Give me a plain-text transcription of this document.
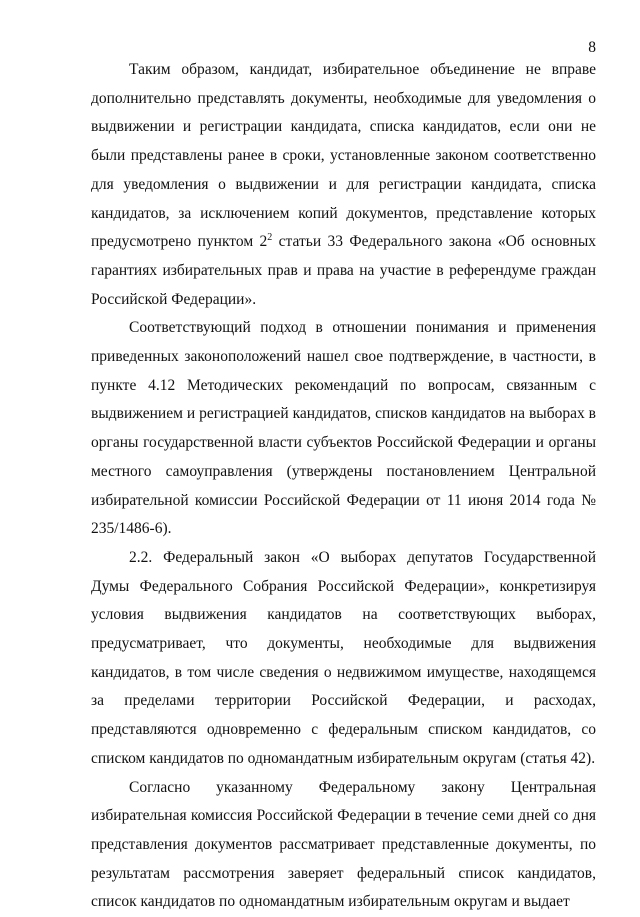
8

Таким образом, кандидат, избирательное объединение не вправе дополнительно представлять документы, необходимые для уведомления о выдвижении и регистрации кандидата, списка кандидатов, если они не были представлены ранее в сроки, установленные законом соответственно для уведомления о выдвижении и для регистрации кандидата, списка кандидатов, за исключением копий документов, представление которых предусмотрено пунктом $2^2$ статьи 33 Федерального закона «Об основных гарантиях избирательных прав и права на участие в референдуме граждан Российской Федерации».

Соответствующий подход в отношении понимания и применения приведенных законоположений нашел свое подтверждение, в частности, в пункте 4.12 Методических рекомендаций по вопросам, связанным с выдвижением и регистрацией кандидатов, списков кандидатов на выборах в органы государственной власти субъектов Российской Федерации и органы местного самоуправления (утверждены постановлением Центральной избирательной комиссии Российской Федерации от 11 июня 2014 года № 235/1486-6).

2.2. Федеральный закон «О выборах депутатов Государственной Думы Федерального Собрания Российской Федерации», конкретизируя условия выдвижения кандидатов на соответствующих выборах, предусматривает, что документы, необходимые для выдвижения кандидатов, в том числе сведения о недвижимом имуществе, находящемся за пределами территории Российской Федерации, и расходах, представляются одновременно с федеральным списком кандидатов, со списком кандидатов по одномандатным избирательным округам (статья 42).

Согласно указанному Федеральному закону Центральная избирательная комиссия Российской Федерации в течение семи дней со дня представления документов рассматривает представленные документы, по результатам рассмотрения заверяет федеральный список кандидатов, список кандидатов по одномандатным избирательным округам и выдает
